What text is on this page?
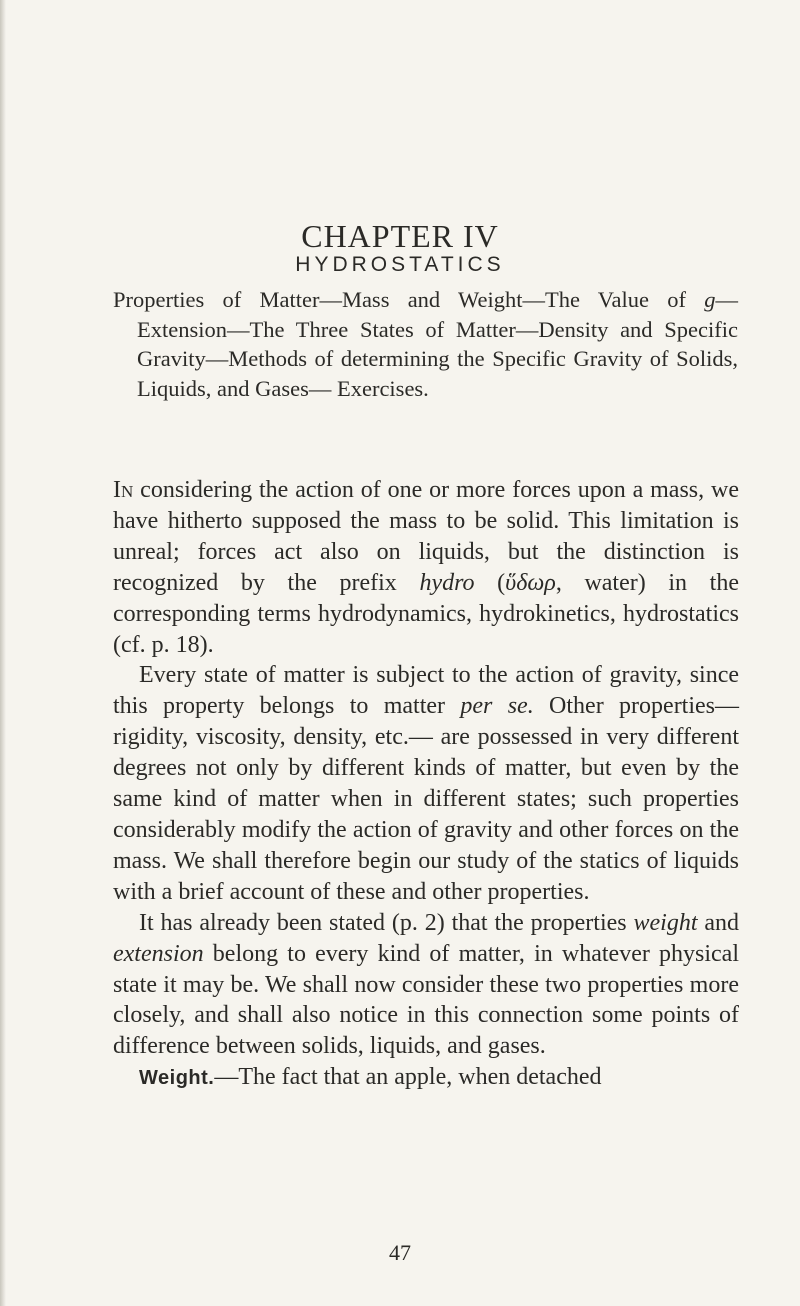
CHAPTER IV
HYDROSTATICS

Properties of Matter—Mass and Weight—The Value of g— Extension—The Three States of Matter—Density and Specific Gravity—Methods of determining the Specific Gravity of Solids, Liquids, and Gases— Exercises.

In considering the action of one or more forces upon a mass, we have hitherto supposed the mass to be solid. This limitation is unreal; forces act also on liquids, but the distinction is recognized by the prefix hydro (ὕδωρ, water) in the corresponding terms hydrodynamics, hydrokinetics, hydrostatics (cf. p. 18).

Every state of matter is subject to the action of gravity, since this property belongs to matter per se. Other properties—rigidity, viscosity, density, etc.— are possessed in very different degrees not only by different kinds of matter, but even by the same kind of matter when in different states; such properties considerably modify the action of gravity and other forces on the mass. We shall therefore begin our study of the statics of liquids with a brief account of these and other properties.

It has already been stated (p. 2) that the properties weight and extension belong to every kind of matter, in whatever physical state it may be. We shall now consider these two properties more closely, and shall also notice in this connection some points of difference between solids, liquids, and gases.

Weight.—The fact that an apple, when detached

47
